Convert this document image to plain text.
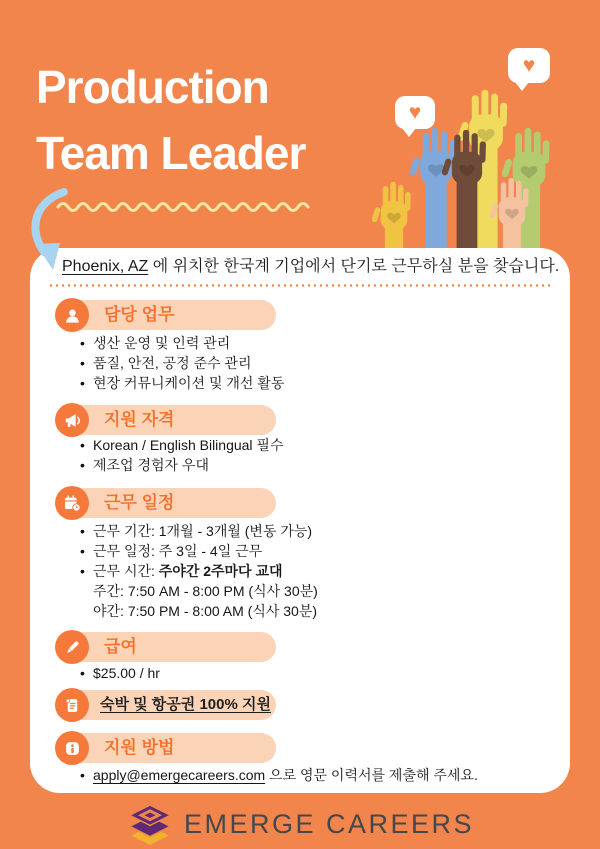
Production
Team Leader
♥
♥
Phoenix, AZ 에 위치한 한국계 기업에서 단기로 근무하실 분을 찾습니다.
담당 업무
• 생산 운영 및 인력 관리
• 품질, 안전, 공정 준수 관리
• 현장 커뮤니케이션 및 개선 활동
지원 자격
• Korean / English Bilingual 필수
• 제조업 경험자 우대
근무 일정
• 근무 기간: 1개월 - 3개월 (변동 가능)
• 근무 일정: 주 3일 - 4일 근무
• 근무 시간: 주야간 2주마다 교대
주간: 7:50 AM - 8:00 PM (식사 30분)
야간: 7:50 PM - 8:00 AM (식사 30분)
급여
• $25.00 / hr
숙박 및 항공권 100% 지원
지원 방법
• apply@emergecareers.com 으로 영문 이력서를 제출해 주세요.
EMERGE CAREERS
